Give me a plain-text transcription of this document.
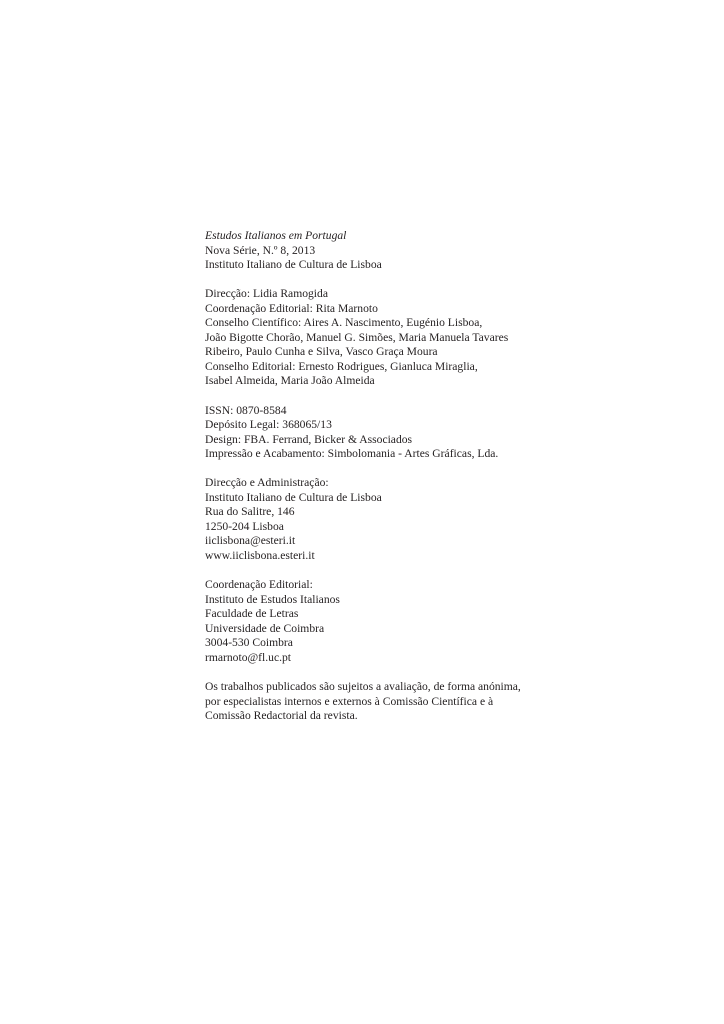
Estudos Italianos em Portugal
Nova Série, N.º 8, 2013
Instituto Italiano de Cultura de Lisboa
Direcção: Lidia Ramogida
Coordenação Editorial: Rita Marnoto
Conselho Científico: Aires A. Nascimento, Eugénio Lisboa,
João Bigotte Chorão, Manuel G. Simões, Maria Manuela Tavares
Ribeiro, Paulo Cunha e Silva, Vasco Graça Moura
Conselho Editorial: Ernesto Rodrigues, Gianluca Miraglia,
Isabel Almeida, Maria João Almeida
ISSN: 0870-8584
Depósito Legal: 368065/13
Design: FBA. Ferrand, Bicker & Associados
Impressão e Acabamento: Simbolomania - Artes Gráficas, Lda.
Direcção e Administração:
Instituto Italiano de Cultura de Lisboa
Rua do Salitre, 146
1250-204 Lisboa
iiclisbona@esteri.it
www.iiclisbona.esteri.it
Coordenação Editorial:
Instituto de Estudos Italianos
Faculdade de Letras
Universidade de Coimbra
3004-530 Coimbra
rmarnoto@fl.uc.pt
Os trabalhos publicados são sujeitos a avaliação, de forma anónima,
por especialistas internos e externos à Comissão Científica e à
Comissão Redactorial da revista.
